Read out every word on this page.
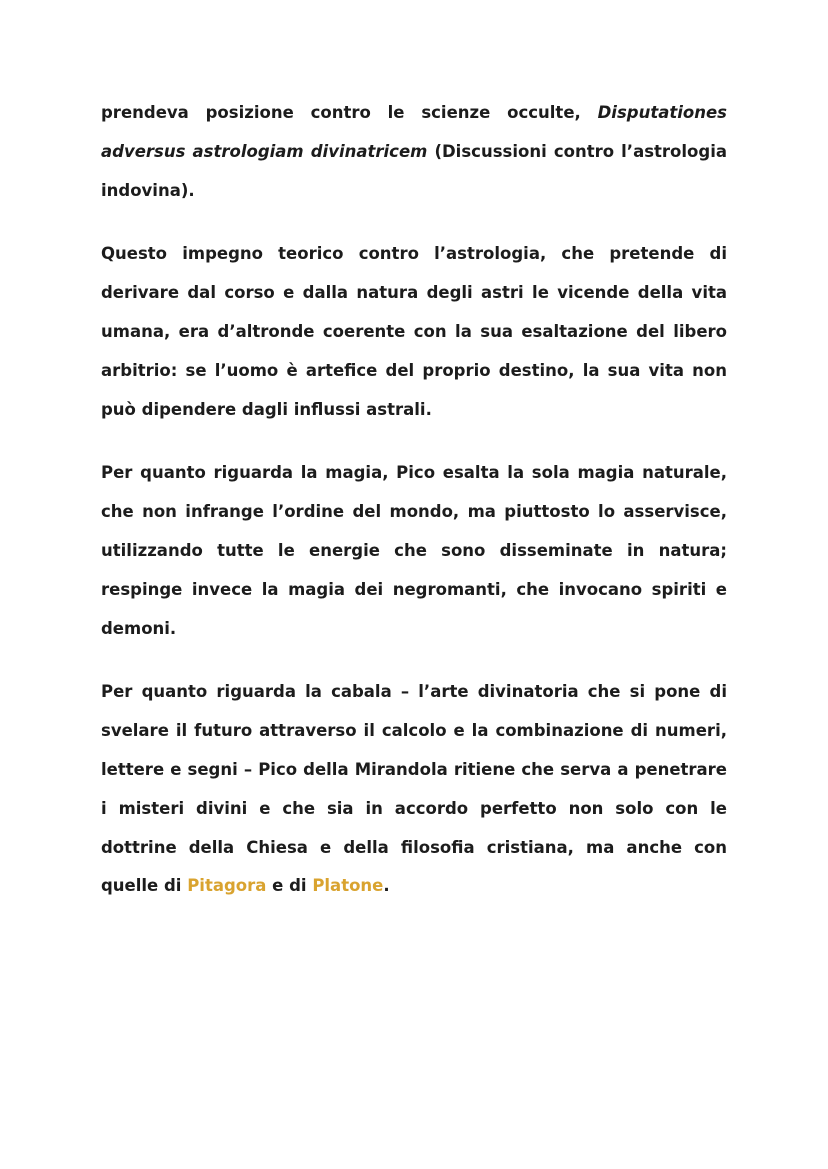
prendeva posizione contro le scienze occulte, Disputationes adversus astrologiam divinatricem (Discussioni contro l’astrologia indovina).

Questo impegno teorico contro l’astrologia, che pretende di derivare dal corso e dalla natura degli astri le vicende della vita umana, era d’altronde coerente con la sua esaltazione del libero arbitrio: se l’uomo è artefice del proprio destino, la sua vita non può dipendere dagli influssi astrali.

Per quanto riguarda la magia, Pico esalta la sola magia naturale, che non infrange l’ordine del mondo, ma piuttosto lo asservisce, utilizzando tutte le energie che sono disseminate in natura; respinge invece la magia dei negromanti, che invocano spiriti e demoni.

Per quanto riguarda la cabala – l’arte divinatoria che si pone di svelare il futuro attraverso il calcolo e la combinazione di numeri, lettere e segni – Pico della Mirandola ritiene che serva a penetrare i misteri divini e che sia in accordo perfetto non solo con le dottrine della Chiesa e della filosofia cristiana, ma anche con quelle di Pitagora e di Platone.
